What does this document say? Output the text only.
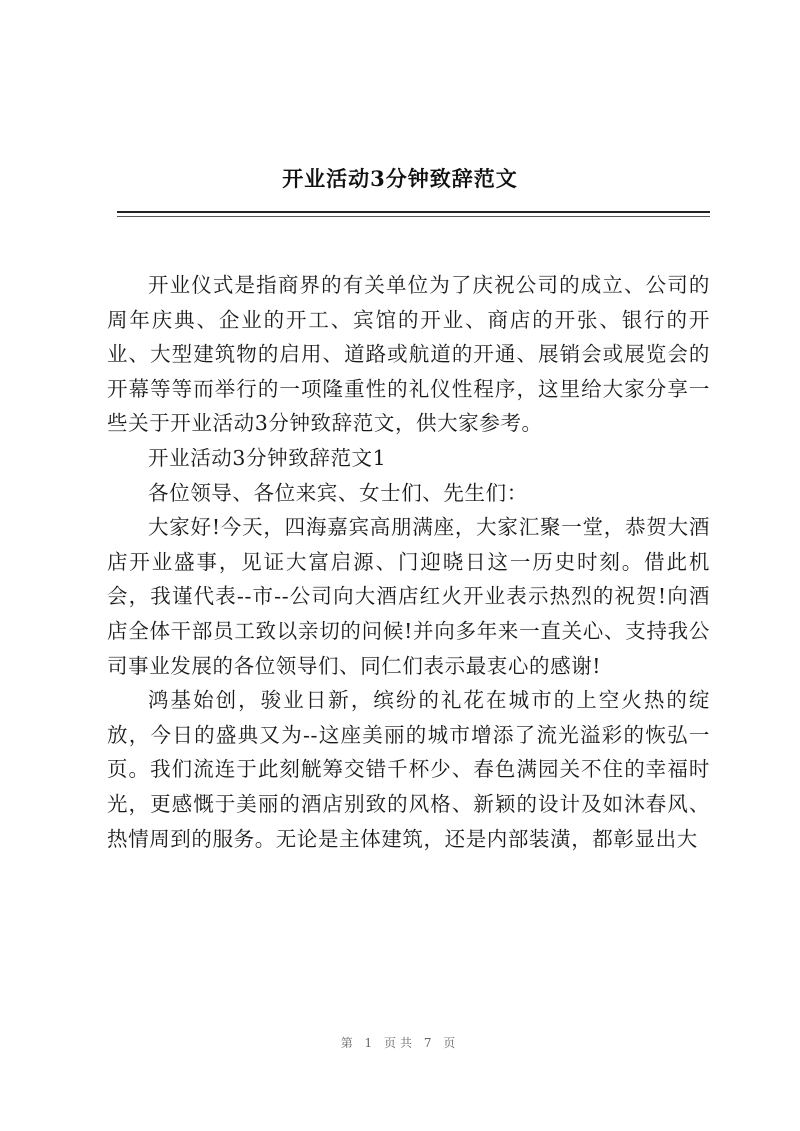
开业活动3分钟致辞范文

开业仪式是指商界的有关单位为了庆祝公司的成立、公司的周年庆典、企业的开工、宾馆的开业、商店的开张、银行的开业、大型建筑物的启用、道路或航道的开通、展销会或展览会的开幕等等而举行的一项隆重性的礼仪性程序，这里给大家分享一些关于开业活动3分钟致辞范文，供大家参考。

开业活动3分钟致辞范文1

各位领导、各位来宾、女士们、先生们：

大家好!今天，四海嘉宾高朋满座，大家汇聚一堂，恭贺大酒店开业盛事，见证大富启源、门迎晓日这一历史时刻。借此机会，我谨代表--市--公司向大酒店红火开业表示热烈的祝贺!向酒店全体干部员工致以亲切的问候!并向多年来一直关心、支持我公司事业发展的各位领导们、同仁们表示最衷心的感谢!

鸿基始创，骏业日新，缤纷的礼花在城市的上空火热的绽放，今日的盛典又为--这座美丽的城市增添了流光溢彩的恢弘一页。我们流连于此刻觥筹交错千杯少、春色满园关不住的幸福时光，更感慨于美丽的酒店别致的风格、新颖的设计及如沐春风、热情周到的服务。无论是主体建筑，还是内部装潢，都彰显出大

第 1 页共 7 页
